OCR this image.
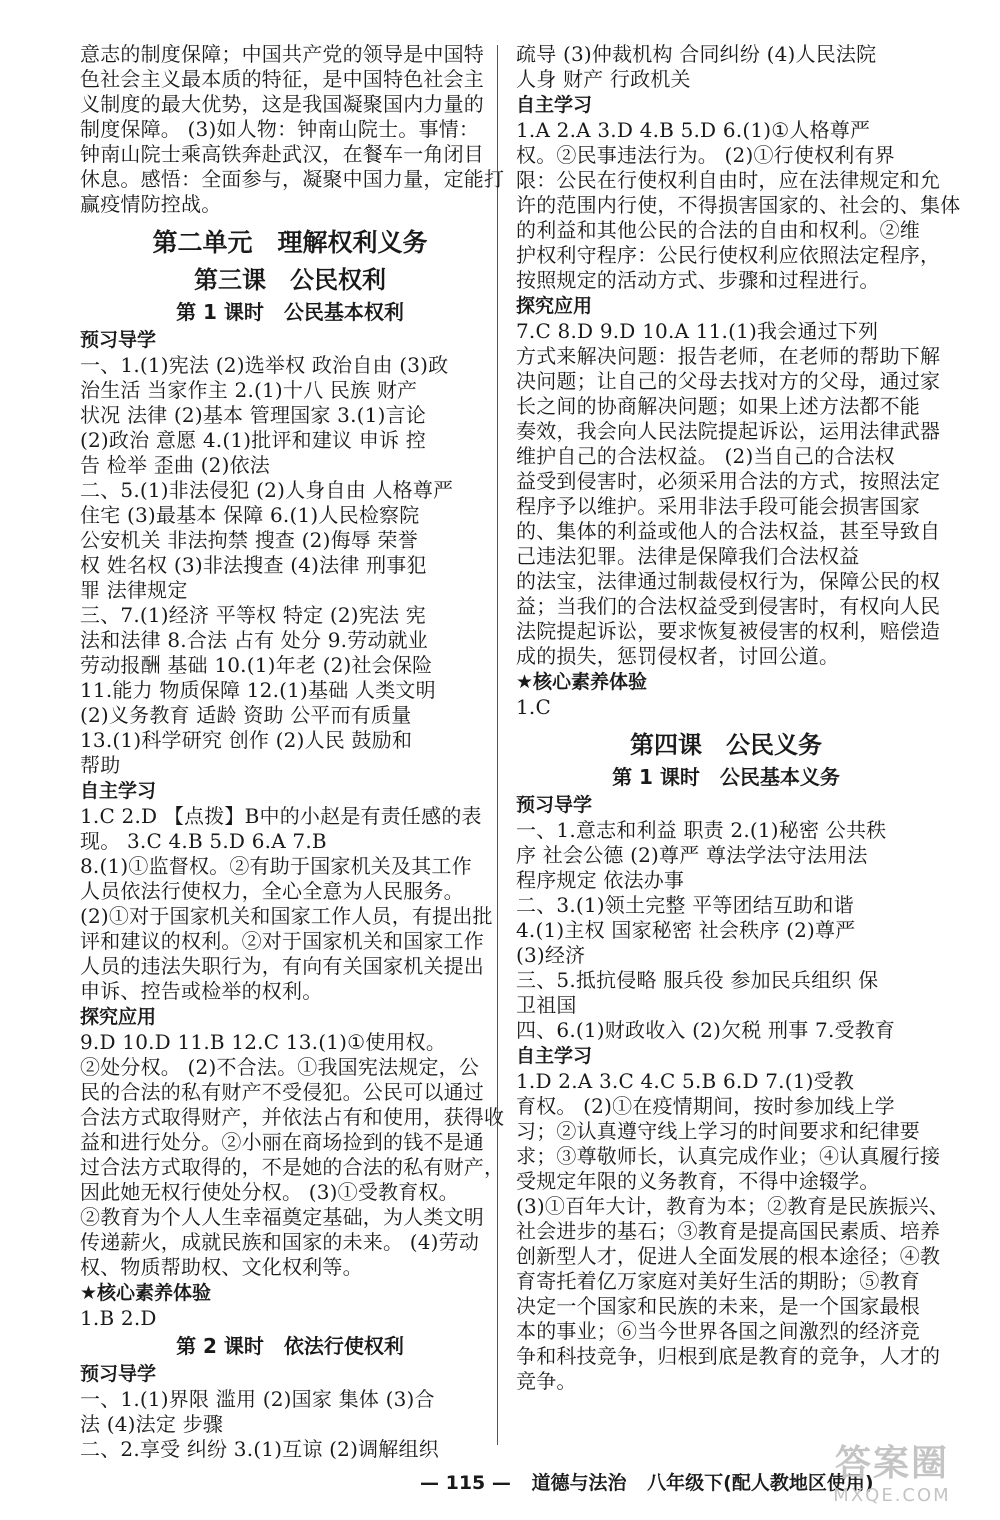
意志的制度保障；中国共产党的领导是中国特
色社会主义最本质的特征，是中国特色社会主
义制度的最大优势，这是我国凝聚国内力量的
制度保障。 (3)如人物：钟南山院士。事情：
钟南山院士乘高铁奔赴武汉，在餐车一角闭目
休息。感悟：全面参与，凝聚中国力量，定能打
赢疫情防控战。
第二单元　理解权利义务
第三课　公民权利
第 1 课时　公民基本权利
预习导学
一、1.(1)宪法 (2)选举权 政治自由 (3)政
治生活 当家作主 2.(1)十八 民族 财产
状况 法律 (2)基本 管理国家 3.(1)言论
(2)政治 意愿 4.(1)批评和建议 申诉 控
告 检举 歪曲 (2)依法
二、5.(1)非法侵犯 (2)人身自由 人格尊严
住宅 (3)最基本 保障 6.(1)人民检察院
公安机关 非法拘禁 搜查 (2)侮辱 荣誉
权 姓名权 (3)非法搜查 (4)法律 刑事犯
罪 法律规定
三、7.(1)经济 平等权 特定 (2)宪法 宪
法和法律 8.合法 占有 处分 9.劳动就业
劳动报酬 基础 10.(1)年老 (2)社会保险
11.能力 物质保障 12.(1)基础 人类文明
(2)义务教育 适龄 资助 公平而有质量
13.(1)科学研究 创作 (2)人民 鼓励和
帮助
自主学习
1.C 2.D 【点拨】B中的小赵是有责任感的表
现。 3.C 4.B 5.D 6.A 7.B
8.(1)①监督权。②有助于国家机关及其工作
人员依法行使权力，全心全意为人民服务。
(2)①对于国家机关和国家工作人员，有提出批
评和建议的权利。②对于国家机关和国家工作
人员的违法失职行为，有向有关国家机关提出
申诉、控告或检举的权利。
探究应用
9.D 10.D 11.B 12.C 13.(1)①使用权。
②处分权。 (2)不合法。①我国宪法规定，公
民的合法的私有财产不受侵犯。公民可以通过
合法方式取得财产，并依法占有和使用，获得收
益和进行处分。②小丽在商场捡到的钱不是通
过合法方式取得的，不是她的合法的私有财产，
因此她无权行使处分权。 (3)①受教育权。
②教育为个人人生幸福奠定基础，为人类文明
传递薪火，成就民族和国家的未来。 (4)劳动
权、物质帮助权、文化权利等。
★核心素养体验
1.B 2.D
第 2 课时　依法行使权利
预习导学
一、1.(1)界限 滥用 (2)国家 集体 (3)合
法 (4)法定 步骤
二、2.享受 纠纷 3.(1)互谅 (2)调解组织
疏导 (3)仲裁机构 合同纠纷 (4)人民法院
人身 财产 行政机关
自主学习
1.A 2.A 3.D 4.B 5.D 6.(1)①人格尊严
权。②民事违法行为。 (2)①行使权利有界
限：公民在行使权利自由时，应在法律规定和允
许的范围内行使，不得损害国家的、社会的、集体
的利益和其他公民的合法的自由和权利。②维
护权利守程序：公民行使权利应依照法定程序，
按照规定的活动方式、步骤和过程进行。
探究应用
7.C 8.D 9.D 10.A 11.(1)我会通过下列
方式来解决问题：报告老师，在老师的帮助下解
决问题；让自己的父母去找对方的父母，通过家
长之间的协商解决问题；如果上述方法都不能
奏效，我会向人民法院提起诉讼，运用法律武器
维护自己的合法权益。 (2)当自己的合法权
益受到侵害时，必须采用合法的方式，按照法定
程序予以维护。采用非法手段可能会损害国家
的、集体的利益或他人的合法权益，甚至导致自
己违法犯罪。法律是保障我们合法权益
的法宝，法律通过制裁侵权行为，保障公民的权
益；当我们的合法权益受到侵害时，有权向人民
法院提起诉讼，要求恢复被侵害的权利，赔偿造
成的损失，惩罚侵权者，讨回公道。
★核心素养体验
1.C
第四课　公民义务
第 1 课时　公民基本义务
预习导学
一、1.意志和利益 职责 2.(1)秘密 公共秩
序 社会公德 (2)尊严 尊法学法守法用法
程序规定 依法办事
二、3.(1)领土完整 平等团结互助和谐
4.(1)主权 国家秘密 社会秩序 (2)尊严
(3)经济
三、5.抵抗侵略 服兵役 参加民兵组织 保
卫祖国
四、6.(1)财政收入 (2)欠税 刑事 7.受教育
自主学习
1.D 2.A 3.C 4.C 5.B 6.D 7.(1)受教
育权。 (2)①在疫情期间，按时参加线上学
习；②认真遵守线上学习的时间要求和纪律要
求；③尊敬师长，认真完成作业；④认真履行接
受规定年限的义务教育，不得中途辍学。
(3)①百年大计，教育为本；②教育是民族振兴、
社会进步的基石；③教育是提高国民素质、培养
创新型人才，促进人全面发展的根本途径；④教
育寄托着亿万家庭对美好生活的期盼；⑤教育
决定一个国家和民族的未来，是一个国家最根
本的事业；⑥当今世界各国之间激烈的经济竞
争和科技竞争，归根到底是教育的竞争，人才的
竞争。
— 115 — 道德与法治 八年级下(配人教地区使用)
答案圈
MXQE.COM
